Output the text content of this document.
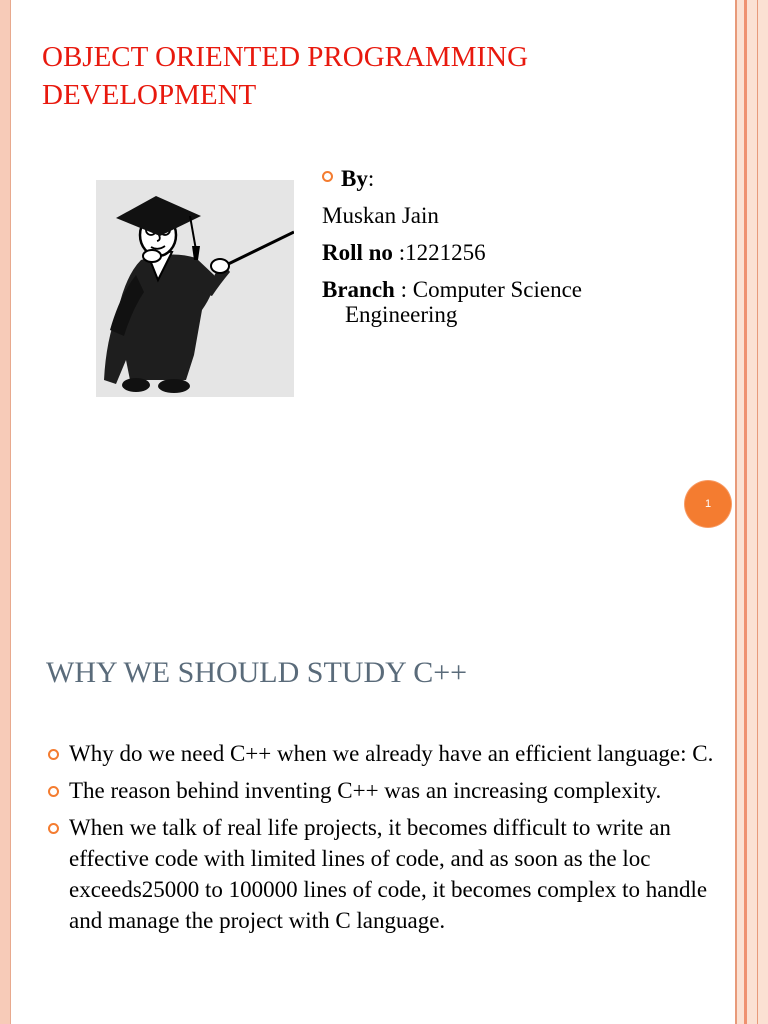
OBJECT ORIENTED PROGRAMMING DEVELOPMENT
By:
Muskan Jain
Roll no :1221256
Branch : Computer Science
Engineering
1
WHY WE SHOULD STUDY C++
Why do we need C++ when we already have an efficient language: C.
The reason behind inventing C++ was an increasing complexity.
When we talk of real life projects, it becomes difficult to write an effective code with limited lines of code, and as soon as the loc exceeds25000 to 100000 lines of code, it becomes complex to handle and manage the project with C language.
